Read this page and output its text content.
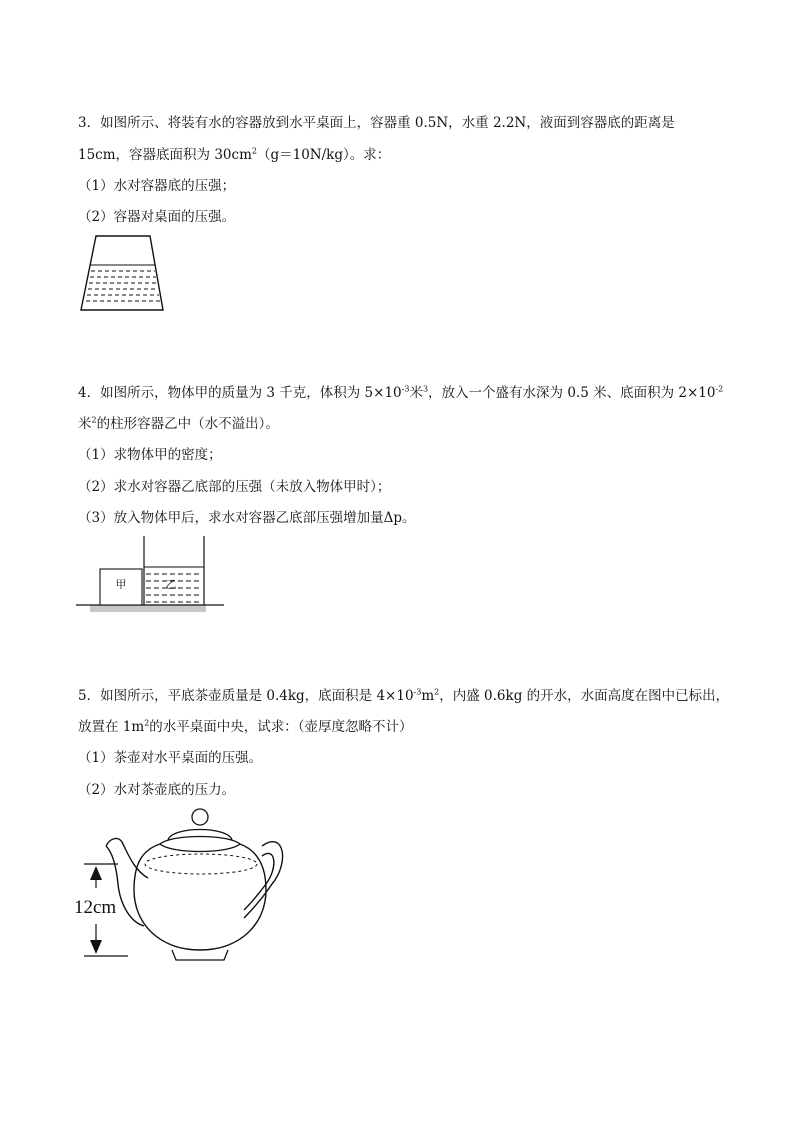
3．如图所示、将装有水的容器放到水平桌面上，容器重 0.5N，水重 2.2N，液面到容器底的距离是
15cm，容器底面积为 $30cm^2(g=10N/kg)$。求：
（1）水对容器底的压强；
（2）容器对桌面的压强。
4．如图所示，物体甲的质量为 3 千克，体积为 $5\times 10^{-3}$米$^3$，放入一个盛有水深为 0.5 米、底面积为 $2\times 10^{-2}$
米$^2$的柱形容器乙中（水不溢出）。
（1）求物体甲的密度；
（2）求水对容器乙底部的压强（未放入物体甲时）；
（3）放入物体甲后，求水对容器乙底部压强增加量Δp。
甲	乙
5．如图所示，平底茶壶质量是 0.4kg，底面积是 $4\times 10^{-3}m^2$，内盛 0.6kg 的开水，水面高度在图中已标出，
放置在 $1m^2$的水平桌面中央，试求：（壶厚度忽略不计）
（1）茶壶对水平桌面的压强。
（2）水对茶壶底的压力。
12cm
